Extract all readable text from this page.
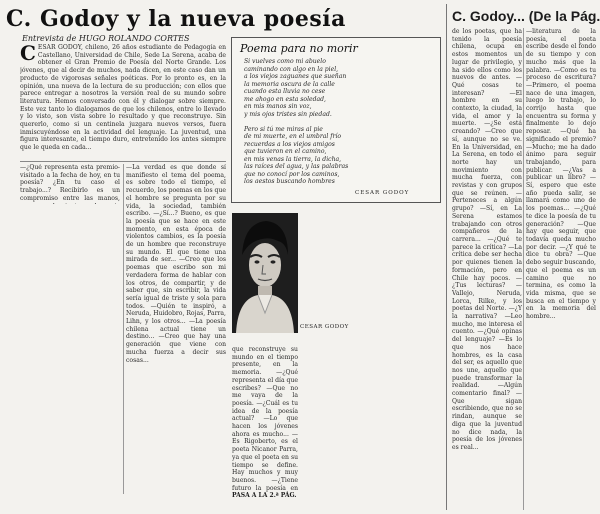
C. Godoy y la nueva poesía
Entrevista de HUGO ROLANDO CORTES
C ESAR GODOY, chileno, 26 años estudiante de Pedagogía en Castellano, Universidad de Chile, Sede La Serena, acaba de obtener el Gran Premio de Poesía del Norte Grande. Los jóvenes, que al decir de muchos, nada dicen, en este caso dan un producto de vigorosas señales poéticas. Por lo pronto es, en la opinión, una nueva de la lectura de su producción; con ellos que parece entregar a nosotros la versión real de su mundo sobre literatura. Hemos conversado con él y dialogar sobre siempre. Este vez tanto lo dialogamos de que los chilenos, entre lo llevado y lo visto, son vista sobre lo resultado y que reconstruye. Sin quererlo, como si un centinela juzgara nuevos versos, fuera inmiscuyéndose en la actividad del lenguaje. La juventud, una figura interesante, el tiempo duro, entretenido los antes siempre que le queda en cada...
—¿Qué representa esta premio-visitado a la fecha de hoy, en tu poesía? ¿En tu caso el trabajo...? Recibirlo es un compromiso entre las manos,
—La verdad es que donde sí manifiesto el tema del poema, es sobre todo el tiempo, el recuerdo, los poemas en los que el hombre se pregunta por su vida, la sociedad, también escribo. —¿Sí...? Bueno, es que la poesía que se hace en este momento, en esta época de violentos cambios, es la poesía de un hombre que reconstruye su mundo. El que tiene una mirada de ser... —Creo que los poemas que escribo son mi verdadera forma de hablar con los otros, de compartir, y de saber que, sin escribir, la vida sería igual de triste y sola para todos. —Quién te inspiró, a Neruda, Huidobro, Rojas, Parra, Lihn, y los otros... —La poesía chilena actual tiene un destino... —Creo que hay una generación que viene con mucha fuerza a decir sus cosas...
Poema para no morir
Si vuelves como mi abuelo
caminando con algo en la piel,
a los viejos zaguanes que sueñan
la memoria oscura de la calle
cuando esta lluvia no cese
me ahogo en esta soledad,
en mis manos sin voz,
y mis ojos tristes sin piedad.

Pero si tú me miras al pie
de mi muerte, en el umbral frío
recuerdas a los viejos amigos
que tuvieron en el camino,
en mis venas la tierra, la dicha,
las raíces del agua, y las palabras
que no conocí por los caminos,
los gestos buscando hombres
CESAR GODOY
CESAR GODOY
que reconstruye su mundo en el tiempo presente, en la memoria. —¿Qué representa el día que escribes? —Que no me vaya de la poesía. —¿Cuál es tu idea de la poesía actual? —Lo que hacen los jóvenes ahora es mucho... —Es Rigoberto, es el poeta Nicanor Parra, ya que el poeta en su tiempo se define. Hay muchos y muy buenos. —¿Tiene futuro la poesía en
PASA A LA 2.ª PÁG.
C. Godoy... (De la Pág.
de los poetas, que ha tenido la poesía chilena, ocupa en estos momentos un lugar de privilegio, y ha sido ellos como los nuevos de antes. —Qué cosas te interesan? —El hombre en su contexto, la ciudad, la vida, el amor y la muerte. —¿Se está creando? —Creo que sí, aunque no se ve. En la Universidad, en La Serena, en todo el norte hay un movimiento con mucha fuerza, con revistas y con grupos que se reúnen. —Perteneces a algún grupo? —Sí, en La Serena estamos trabajando con otros compañeros de la carrera... —¿Qué te parece la crítica? —La crítica debe ser hecha por quienes tienen la formación, pero en Chile hay pocos. —¿Tus lecturas? —Vallejo, Neruda, Lorca, Rilke, y los poetas del Norte. —¿Y la narrativa? —Leo mucho, me interesa el cuento. —¿Qué opinas del lenguaje? —Es lo que nos hace hombres, es la casa del ser, es aquello que nos une, aquello que puede transformar la realidad. —Algún comentario final? —Que sigan escribiendo, que no se rindan, aunque se diga que la juventud no dice nada, la poesía de los jóvenes es real...
—literatura de la poesía, el poeta escribe desde el fondo de su tiempo y con mucho más que la palabra. —Como es tu proceso de escritura? —Primero, el poema nace de una imagen, luego lo trabajo, lo corrijo hasta que encuentra su forma y finalmente lo dejo reposar. —Qué ha significado el premio? —Mucho; me ha dado ánimo para seguir trabajando, para publicar. —¿Vas a publicar un libro? —Sí, espero que este año pueda salir, se llamará como uno de los poemas... —¿Qué te dice la poesía de tu generación? —Que hay que seguir, que todavía queda mucho por decir. —¿Y qué te dice tu obra? —Que debo seguir buscando, que el poema es un camino que no termina, es como la vida misma, que se busca en el tiempo y en la memoria del hombre...
